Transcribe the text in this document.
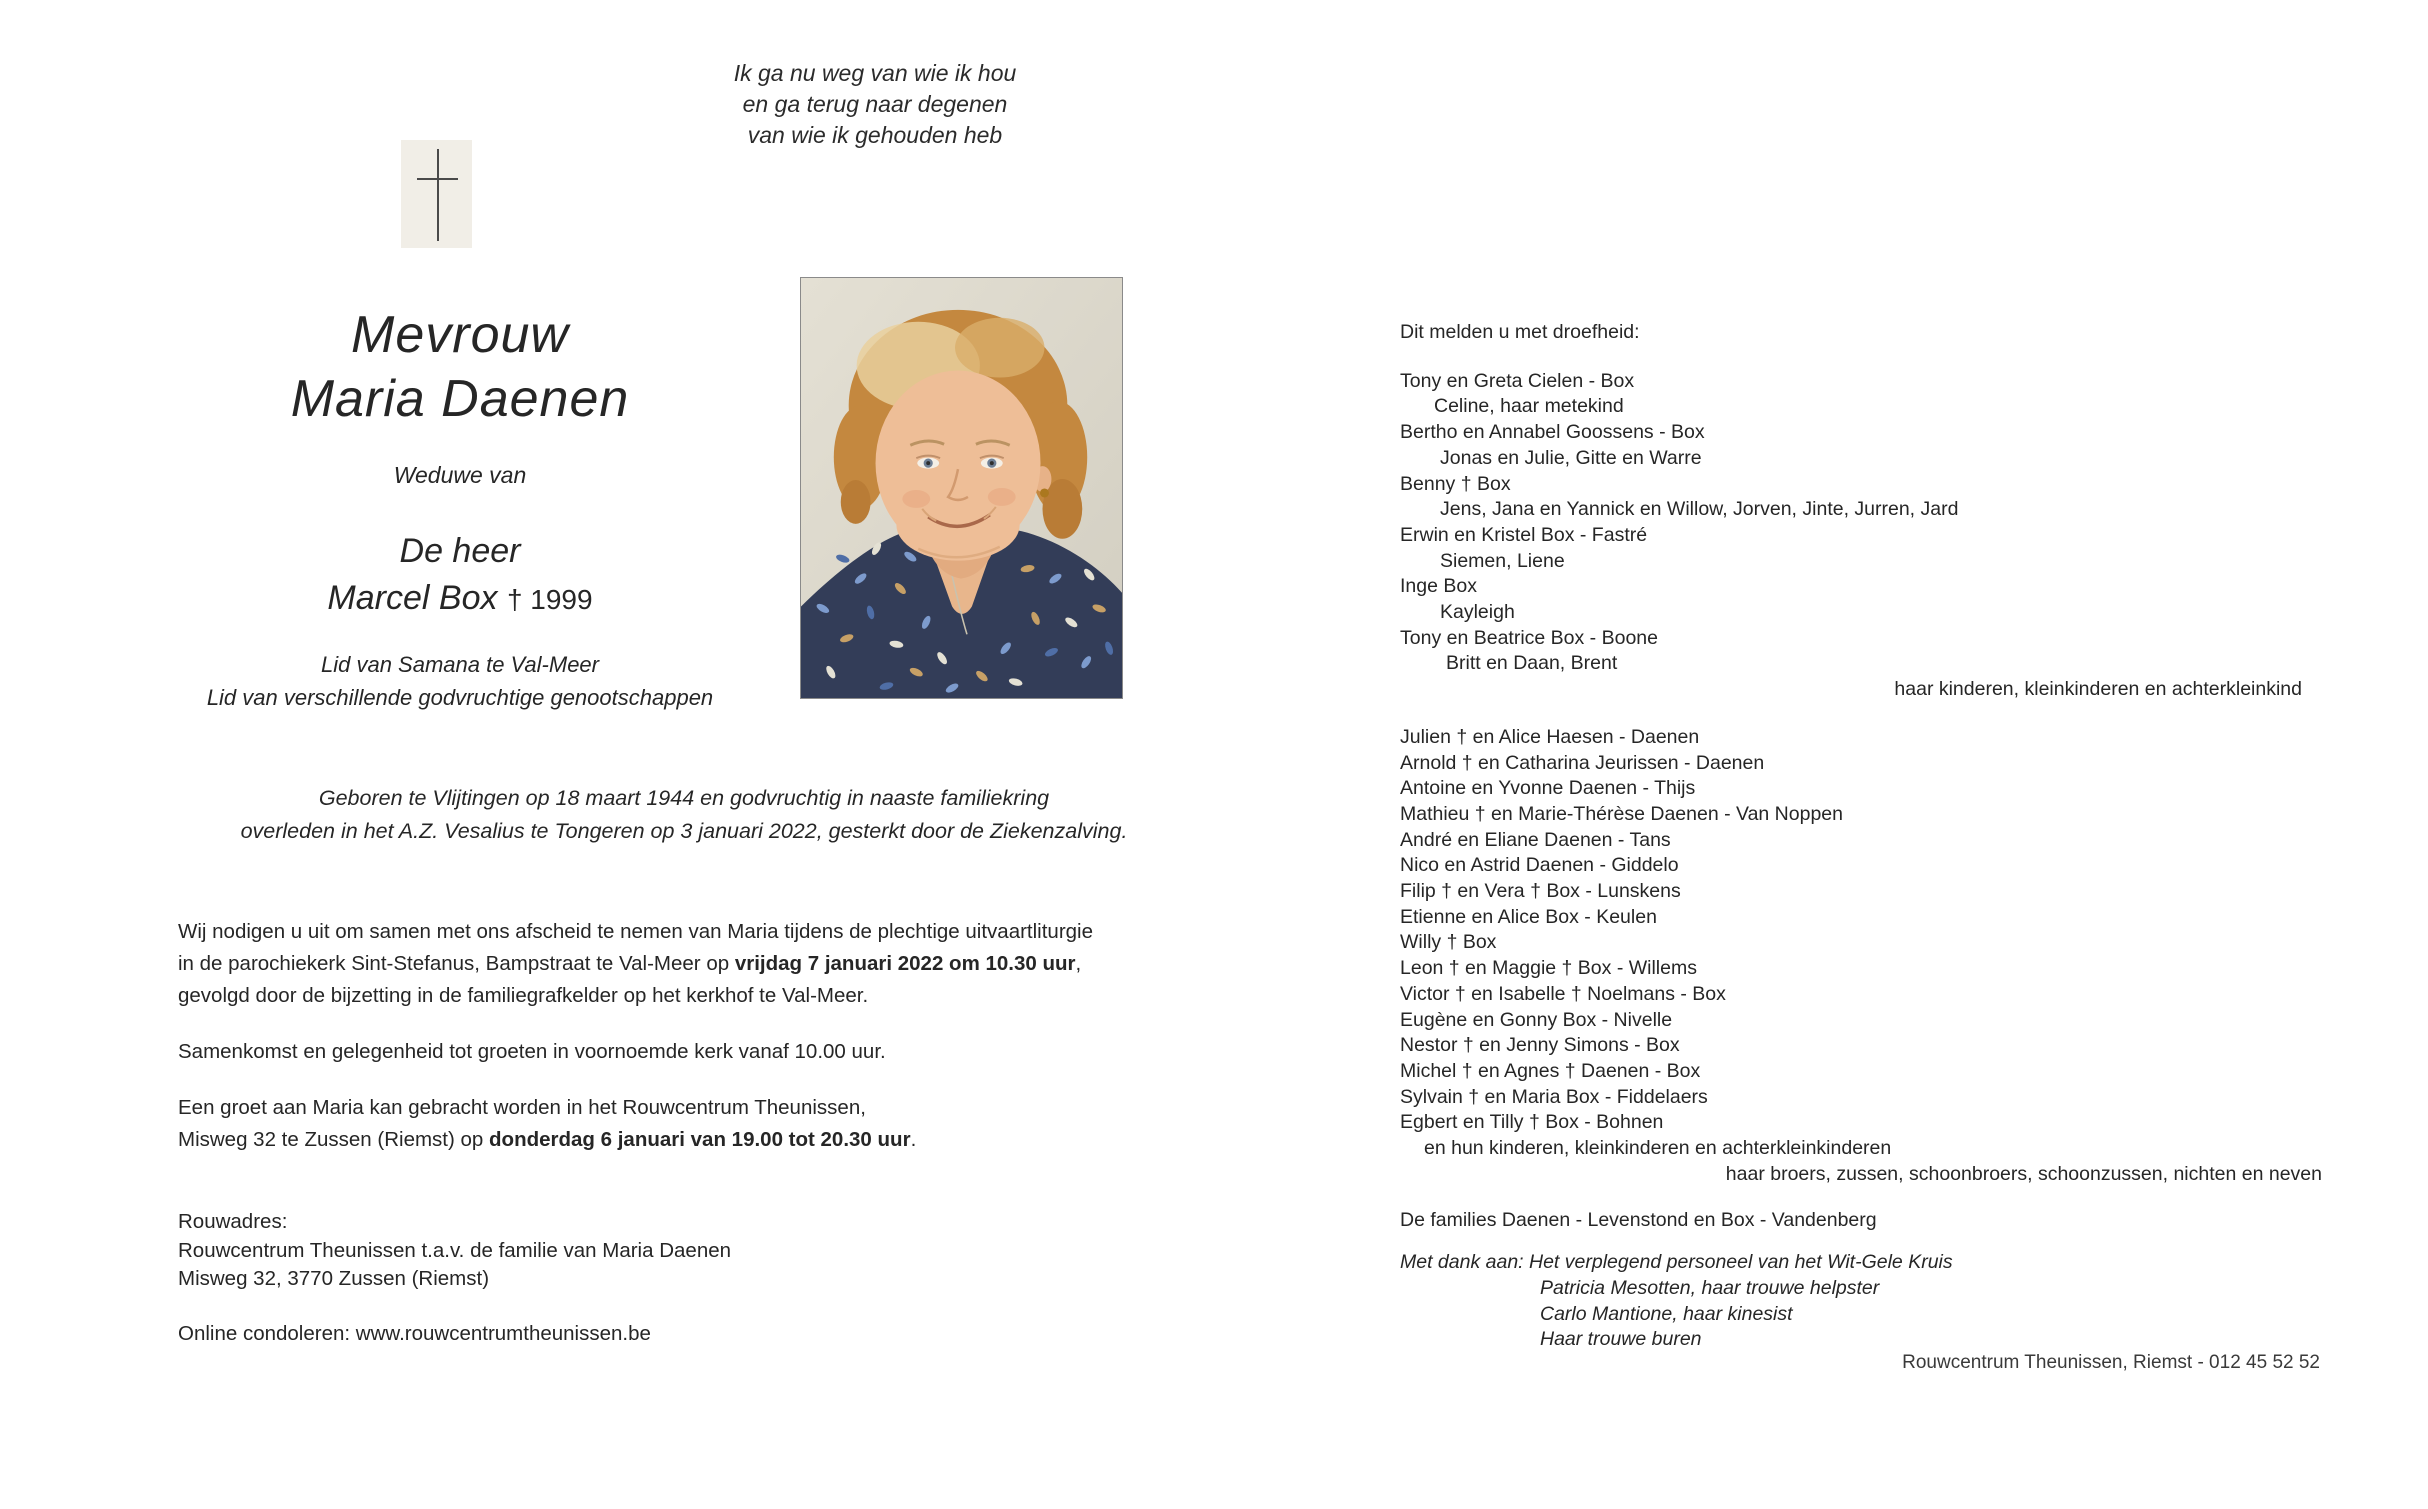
Ik ga nu weg van wie ik hou
en ga terug naar degenen
van wie ik gehouden heb
Mevrouw
Maria Daenen
Weduwe van
De heer
Marcel Box † 1999
Lid van Samana te Val-Meer
Lid van verschillende godvruchtige genootschappen
Geboren te Vlijtingen op 18 maart 1944 en godvruchtig in naaste familiekring
overleden in het A.Z. Vesalius te Tongeren op 3 januari 2022, gesterkt door de Ziekenzalving.
Wij nodigen u uit om samen met ons afscheid te nemen van Maria tijdens de plechtige uitvaartliturgie
in de parochiekerk Sint-Stefanus, Bampstraat te Val-Meer op vrijdag 7 januari 2022 om 10.30 uur,
gevolgd door de bijzetting in de familiegrafkelder op het kerkhof te Val-Meer.
Samenkomst en gelegenheid tot groeten in voornoemde kerk vanaf 10.00 uur.
Een groet aan Maria kan gebracht worden in het Rouwcentrum Theunissen,
Misweg 32 te Zussen (Riemst) op donderdag 6 januari van 19.00 tot 20.30 uur.
Rouwadres:
Rouwcentrum Theunissen t.a.v. de familie van Maria Daenen
Misweg 32, 3770 Zussen (Riemst)
Online condoleren: www.rouwcentrumtheunissen.be
Dit melden u met droefheid:
Tony en Greta Cielen - Box
Celine, haar metekind
Bertho en Annabel Goossens - Box
Jonas en Julie, Gitte en Warre
Benny † Box
Jens, Jana en Yannick en Willow, Jorven, Jinte, Jurren, Jard
Erwin en Kristel Box - Fastré
Siemen, Liene
Inge Box
Kayleigh
Tony en Beatrice Box - Boone
Britt en Daan, Brent
haar kinderen, kleinkinderen en achterkleinkind
Julien † en Alice Haesen - Daenen
Arnold † en Catharina Jeurissen - Daenen
Antoine en Yvonne Daenen - Thijs
Mathieu † en Marie-Thérèse Daenen - Van Noppen
André en Eliane Daenen - Tans
Nico en Astrid Daenen - Giddelo
Filip † en Vera † Box - Lunskens
Etienne en Alice Box - Keulen
Willy † Box
Leon † en Maggie † Box - Willems
Victor † en Isabelle † Noelmans - Box
Eugène en Gonny Box - Nivelle
Nestor † en Jenny Simons - Box
Michel † en Agnes † Daenen - Box
Sylvain † en Maria Box - Fiddelaers
Egbert en Tilly † Box - Bohnen
en hun kinderen, kleinkinderen en achterkleinkinderen
haar broers, zussen, schoonbroers, schoonzussen, nichten en neven
De families Daenen - Levenstond en Box - Vandenberg
Met dank aan: Het verplegend personeel van het Wit-Gele Kruis
Patricia Mesotten, haar trouwe helpster
Carlo Mantione, haar kinesist
Haar trouwe buren
Rouwcentrum Theunissen, Riemst - 012 45 52 52
